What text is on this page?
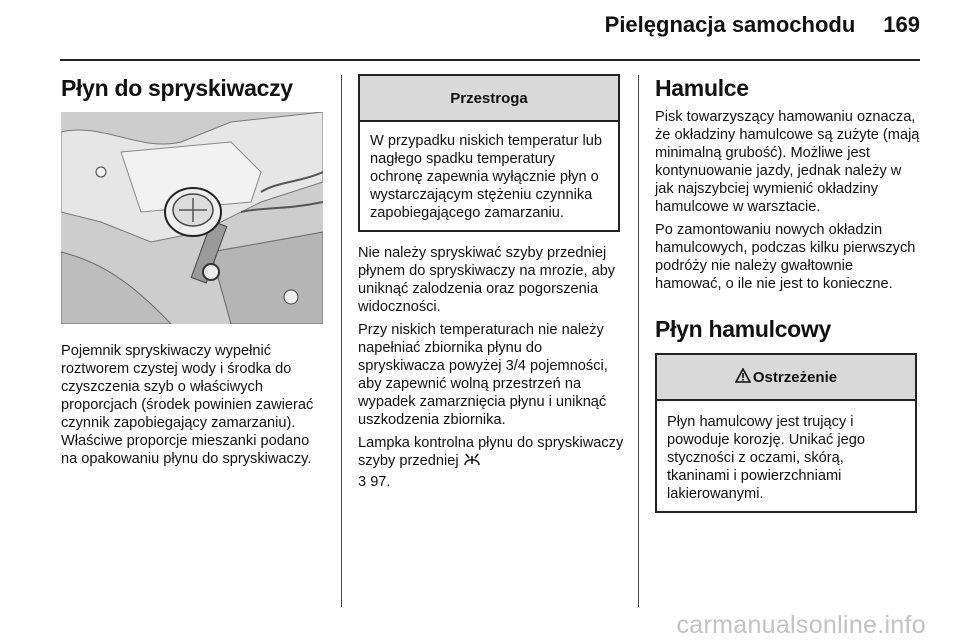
Pielęgnacja samochodu 169
Płyn do spryskiwaczy

Pojemnik spryskiwaczy wypełnić roztworem czystej wody i środka do czyszczenia szyb o właściwych proporcjach (środek powinien zawierać czynnik zapobiegający zamarzaniu). Właściwe proporcje mieszanki podano na opakowaniu płynu do spryskiwaczy.

Przestroga
W przypadku niskich temperatur lub nagłego spadku temperatury ochronę zapewnia wyłącznie płyn o wystarczającym stężeniu czynnika zapobiegającego zamarzaniu.

Nie należy spryskiwać szyby przedniej płynem do spryskiwaczy na mrozie, aby uniknąć zalodzenia oraz pogorszenia widoczności.

Przy niskich temperaturach nie należy napełniać zbiornika płynu do spryskiwacza powyżej 3/4 pojemności, aby zapewnić wolną przestrzeń na wypadek zamarznięcia płynu i uniknąć uszkodzenia zbiornika.

Lampka kontrolna płynu do spryskiwaczy szyby przedniej
3 97.

Hamulce

Pisk towarzyszący hamowaniu oznacza, że okładziny hamulcowe są zużyte (mają minimalną grubość). Możliwe jest kontynuowanie jazdy, jednak należy w jak najszybciej wymienić okładziny hamulcowe w warsztacie.

Po zamontowaniu nowych okładzin hamulcowych, podczas kilku pierwszych podróży nie należy gwałtownie hamować, o ile nie jest to konieczne.

Płyn hamulcowy
Ostrzeżenie
Płyn hamulcowy jest trujący i powoduje korozję. Unikać jego styczności z oczami, skórą, tkaninami i powierzchniami lakierowanymi.
carmanualsonline.info
